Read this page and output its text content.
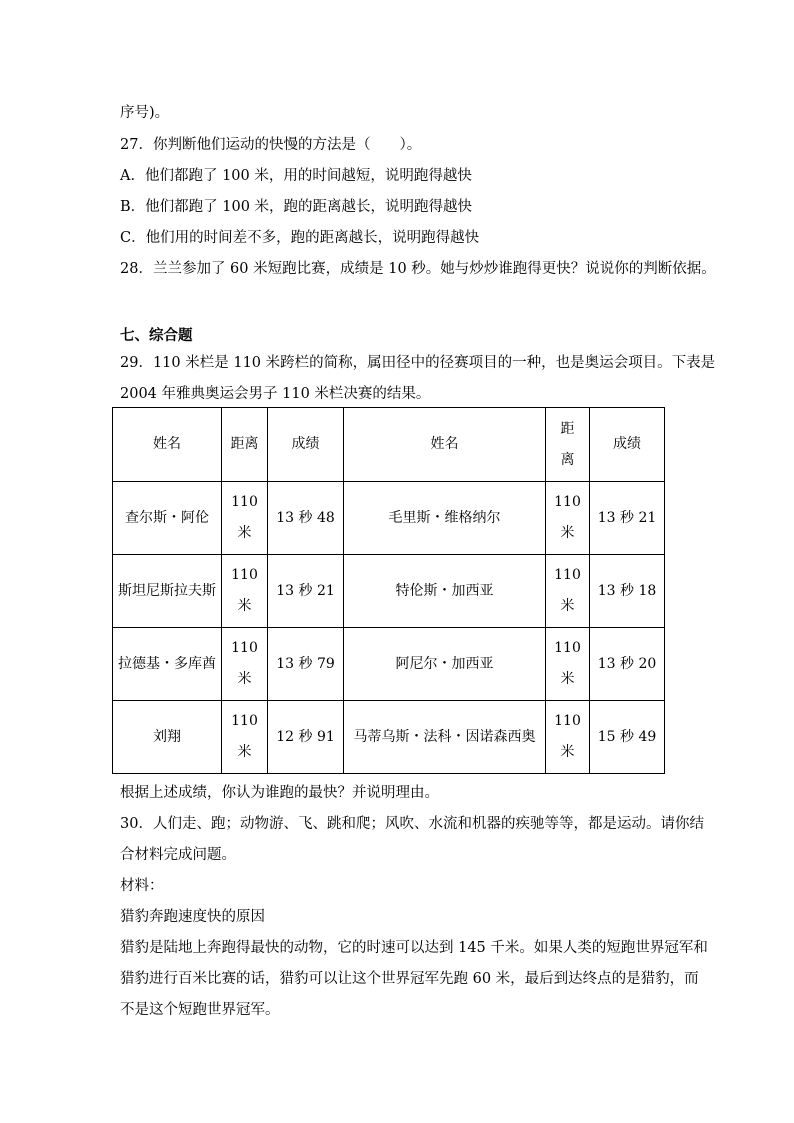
序号)。
27．你判断他们运动的快慢的方法是（　　）。
A．他们都跑了 100 米，用的时间越短，说明跑得越快
B．他们都跑了 100 米，跑的距离越长，说明跑得越快
C．他们用的时间差不多，跑的距离越长，说明跑得越快
28．兰兰参加了 60 米短跑比赛，成绩是 10 秒。她与炒炒谁跑得更快？说说你的判断依据。
七、综合题
29．110 米栏是 110 米跨栏的简称，属田径中的径赛项目的一种，也是奥运会项目。下表是
2004 年雅典奥运会男子 110 米栏决赛的结果。
姓名	距离	成绩	姓名	距离	成绩
查尔斯・阿伦	110 米	13 秒 48	毛里斯・维格纳尔	110 米	13 秒 21
斯坦尼斯拉夫斯	110 米	13 秒 21	特伦斯・加西亚	110 米	13 秒 18
拉德基・多库酋	110 米	13 秒 79	阿尼尔・加西亚	110 米	13 秒 20
刘翔	110 米	12 秒 91	马蒂乌斯・法科・因诺森西奥	110 米	15 秒 49
根据上述成绩，你认为谁跑的最快？并说明理由。
30．人们走、跑；动物游、飞、跳和爬；风吹、水流和机器的疾驰等等，都是运动。请你结
合材料完成问题。
材料：
猎豹奔跑速度快的原因
猎豹是陆地上奔跑得最快的动物，它的时速可以达到 145 千米。如果人类的短跑世界冠军和
猎豹进行百米比赛的话，猎豹可以让这个世界冠军先跑 60 米，最后到达终点的是猎豹，而
不是这个短跑世界冠军。
